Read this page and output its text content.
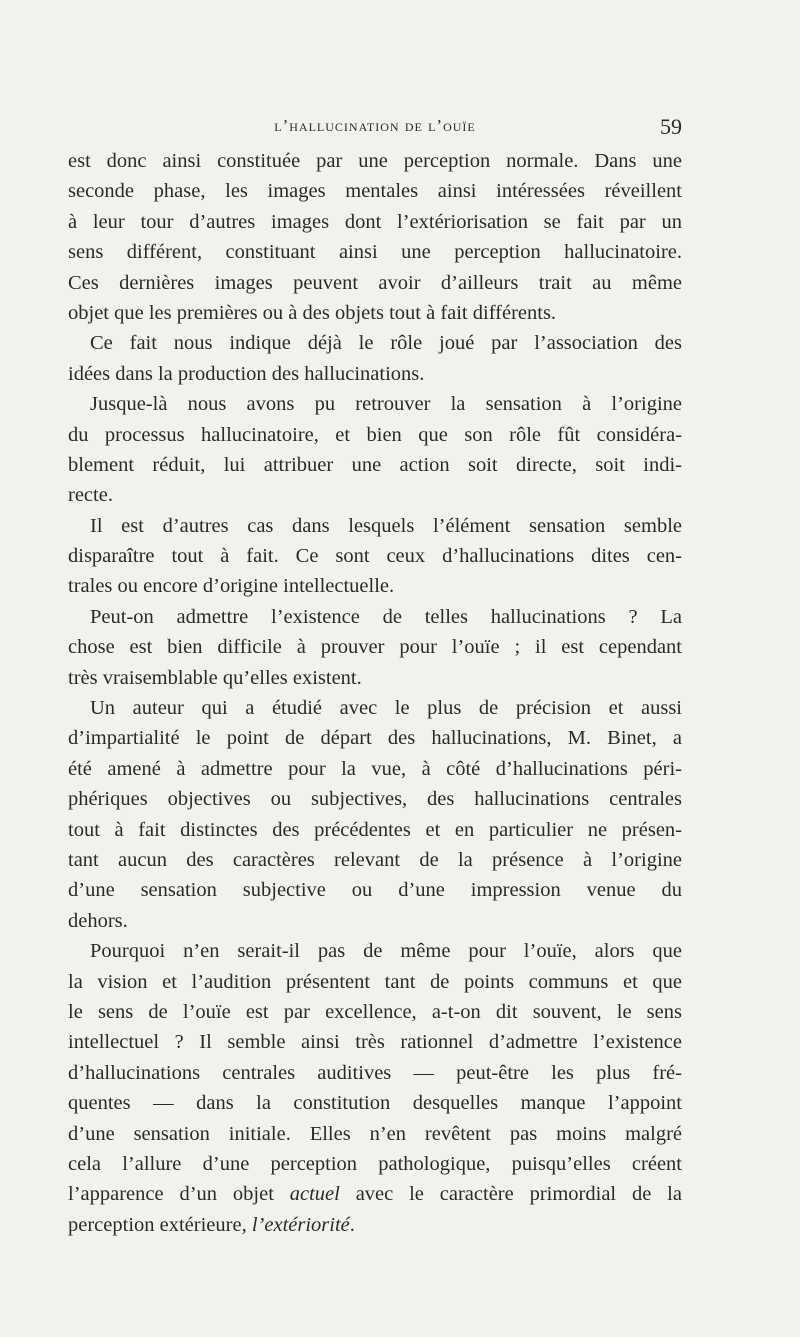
l’hallucination de l’ouïe	59
est donc ainsi constituée par une perception normale. Dans une
seconde phase, les images mentales ainsi intéressées réveillent
à leur tour d’autres images dont l’extériorisation se fait par un
sens différent, constituant ainsi une perception hallucinatoire.
Ces dernières images peuvent avoir d’ailleurs trait au même
objet que les premières ou à des objets tout à fait différents.
Ce fait nous indique déjà le rôle joué par l’association des
idées dans la production des hallucinations.
Jusque-là nous avons pu retrouver la sensation à l’origine
du processus hallucinatoire, et bien que son rôle fût considéra-
blement réduit, lui attribuer une action soit directe, soit indi-
recte.
Il est d’autres cas dans lesquels l’élément sensation semble
disparaître tout à fait. Ce sont ceux d’hallucinations dites cen-
trales ou encore d’origine intellectuelle.
Peut-on admettre l’existence de telles hallucinations ? La
chose est bien difficile à prouver pour l’ouïe ; il est cependant
très vraisemblable qu’elles existent.
Un auteur qui a étudié avec le plus de précision et aussi
d’impartialité le point de départ des hallucinations, M. Binet, a
été amené à admettre pour la vue, à côté d’hallucinations péri-
phériques objectives ou subjectives, des hallucinations centrales
tout à fait distinctes des précédentes et en particulier ne présen-
tant aucun des caractères relevant de la présence à l’origine
d’une sensation subjective ou d’une impression venue du
dehors.
Pourquoi n’en serait-il pas de même pour l’ouïe, alors que
la vision et l’audition présentent tant de points communs et que
le sens de l’ouïe est par excellence, a-t-on dit souvent, le sens
intellectuel ? Il semble ainsi très rationnel d’admettre l’existence
d’hallucinations centrales auditives — peut-être les plus fré-
quentes — dans la constitution desquelles manque l’appoint
d’une sensation initiale. Elles n’en revêtent pas moins malgré
cela l’allure d’une perception pathologique, puisqu’elles créent
l’apparence d’un objet actuel avec le caractère primordial de la
perception extérieure, l’extériorité.
